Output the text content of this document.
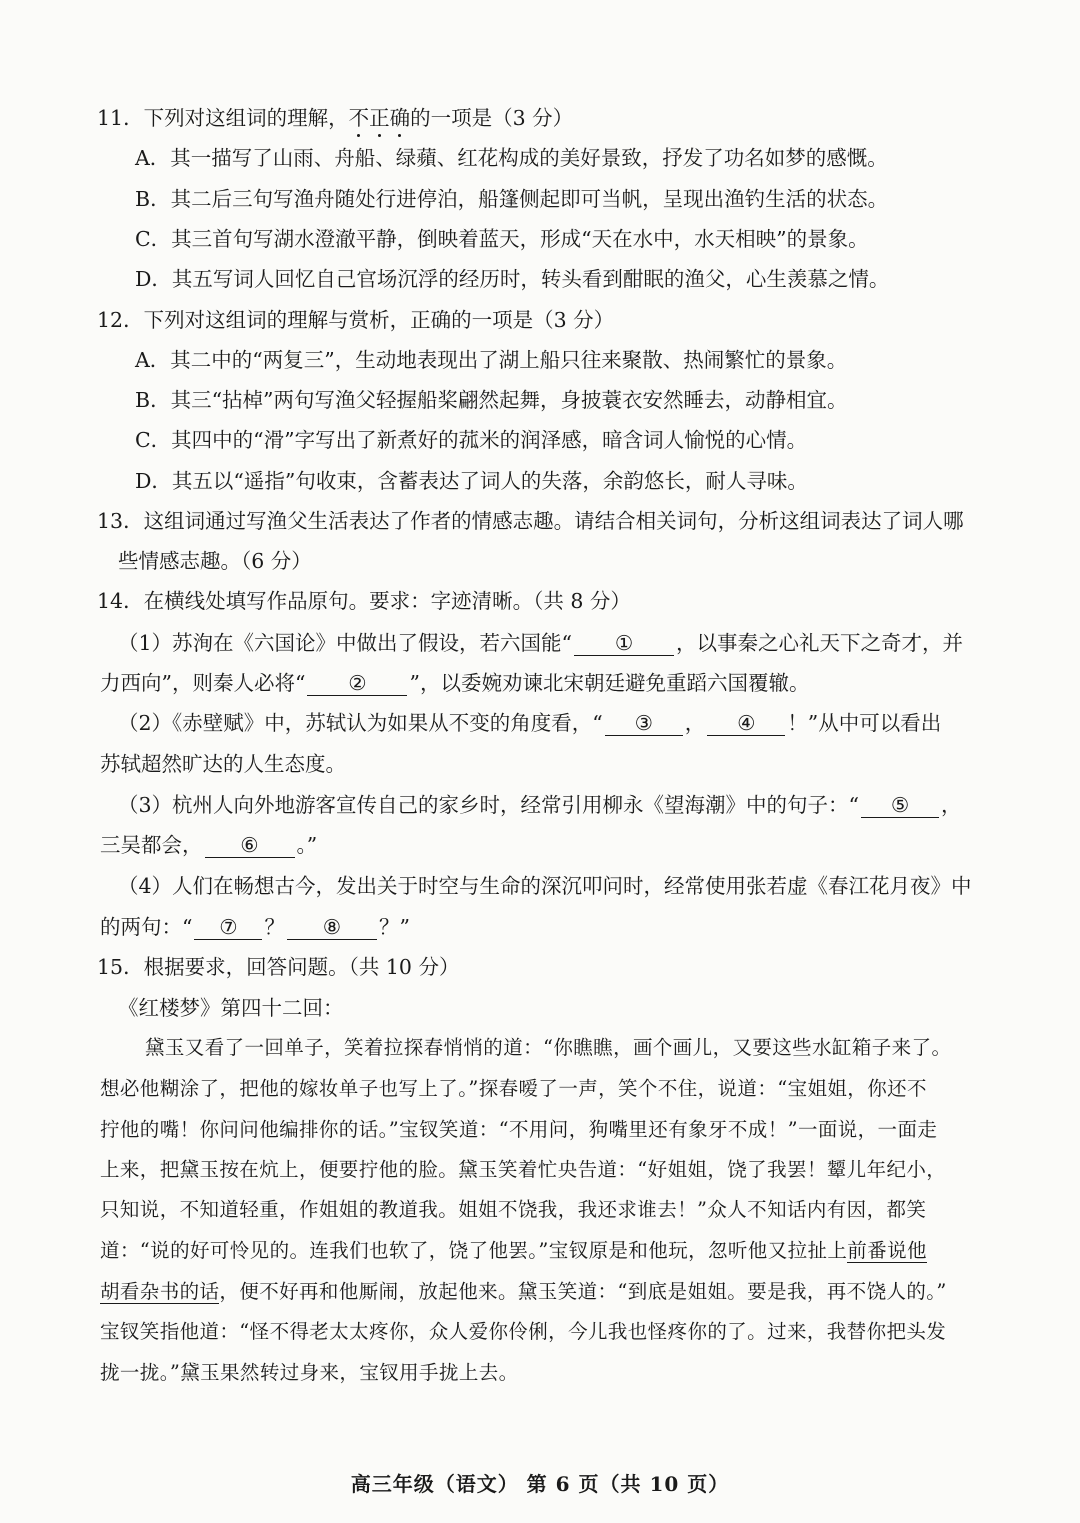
11．下列对这组词的理解，不正确的一项是（3 分）
A．其一描写了山雨、舟船、绿蘋、红花构成的美好景致，抒发了功名如梦的感慨。
B．其二后三句写渔舟随处行进停泊，船篷侧起即可当帆，呈现出渔钓生活的状态。
C．其三首句写湖水澄澈平静，倒映着蓝天，形成“天在水中，水天相映”的景象。
D．其五写词人回忆自己官场沉浮的经历时，转头看到酣眠的渔父，心生羡慕之情。
12．下列对这组词的理解与赏析，正确的一项是（3 分）
A．其二中的“两复三”，生动地表现出了湖上船只往来聚散、热闹繁忙的景象。
B．其三“拈棹”两句写渔父轻握船桨翩然起舞，身披蓑衣安然睡去，动静相宜。
C．其四中的“滑”字写出了新煮好的菰米的润泽感，暗含词人愉悦的心情。
D．其五以“遥指”句收束，含蓄表达了词人的失落，余韵悠长，耐人寻味。
13．这组词通过写渔父生活表达了作者的情感志趣。请结合相关词句，分析这组词表达了词人哪
些情感志趣。（6 分）
14．在横线处填写作品原句。要求：字迹清晰。（共 8 分）
（1）苏洵在《六国论》中做出了假设，若六国能“ ① ，以事秦之心礼天下之奇才，并
力西向”，则秦人必将“ ② ”，以委婉劝谏北宋朝廷避免重蹈六国覆辙。
（2）《赤壁赋》中，苏轼认为如果从不变的角度看，“ ③ ， ④ ！”从中可以看出
苏轼超然旷达的人生态度。
（3）杭州人向外地游客宣传自己的家乡时，经常引用柳永《望海潮》中的句子：“ ⑤ ，
三吴都会， ⑥ 。”
（4）人们在畅想古今，发出关于时空与生命的深沉叩问时，经常使用张若虚《春江花月夜》中
的两句：“ ⑦ ？ ⑧ ？”
15．根据要求，回答问题。（共 10 分）
《红楼梦》第四十二回：
黛玉又看了一回单子，笑着拉探春悄悄的道：“你瞧瞧，画个画儿，又要这些水缸箱子来了。
想必他糊涂了，把他的嫁妆单子也写上了。”探春嗳了一声，笑个不住，说道：“宝姐姐，你还不
拧他的嘴！你问问他编排你的话。”宝钗笑道：“不用问，狗嘴里还有象牙不成！”一面说，一面走
上来，把黛玉按在炕上，便要拧他的脸。黛玉笑着忙央告道：“好姐姐，饶了我罢！颦儿年纪小，
只知说，不知道轻重，作姐姐的教道我。姐姐不饶我，我还求谁去！”众人不知话内有因，都笑
道：“说的好可怜见的。连我们也软了，饶了他罢。”宝钗原是和他玩，忽听他又拉扯上前番说他
胡看杂书的话，便不好再和他厮闹，放起他来。黛玉笑道：“到底是姐姐。要是我，再不饶人的。”
宝钗笑指他道：“怪不得老太太疼你，众人爱你伶俐，今儿我也怪疼你的了。过来，我替你把头发
拢一拢。”黛玉果然转过身来，宝钗用手拢上去。
高三年级（语文） 第 6 页（共 10 页）
